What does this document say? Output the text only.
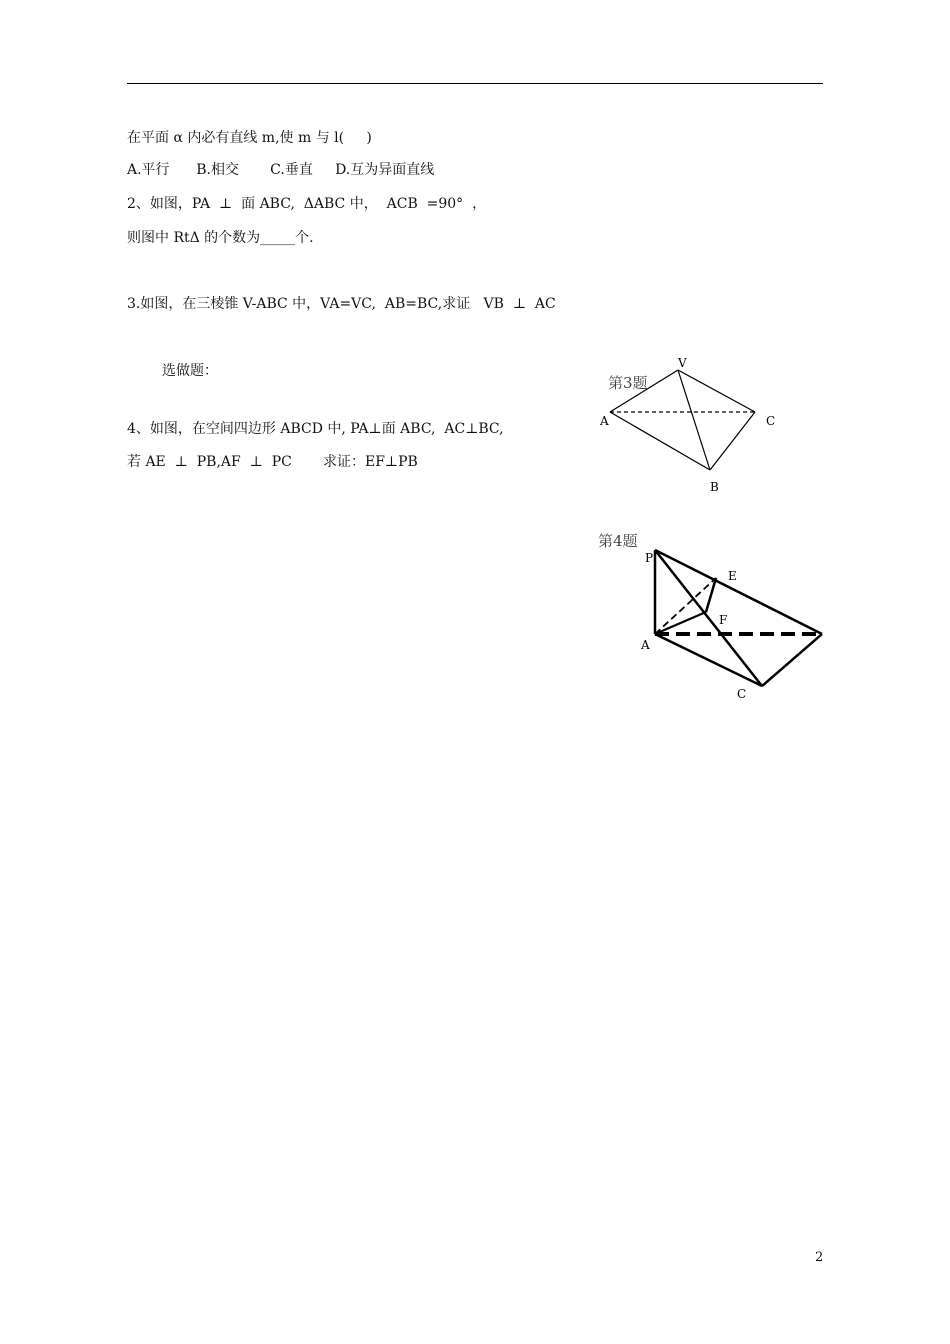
在平面 α 内必有直线 m,使 m 与 l(     )
A.平行      B.相交       C.垂直     D.互为异面直线
2、如图，PA  ⊥  面 ABC,  ΔABC 中，  ACB  =90°  ，
则图中 RtΔ 的个数为_____个.
3.如图，在三棱锥 V-ABC 中，VA=VC,  AB=BC,求证   VB  ⊥  AC
选做题：
4、如图，在空间四边形 ABCD 中, PA⊥面 ABC,  AC⊥BC,
若 AE  ⊥  PB,AF  ⊥  PC       求证：EF⊥PB
第3题
V
A	C
B
第4题
P
E
F
A
C
2
